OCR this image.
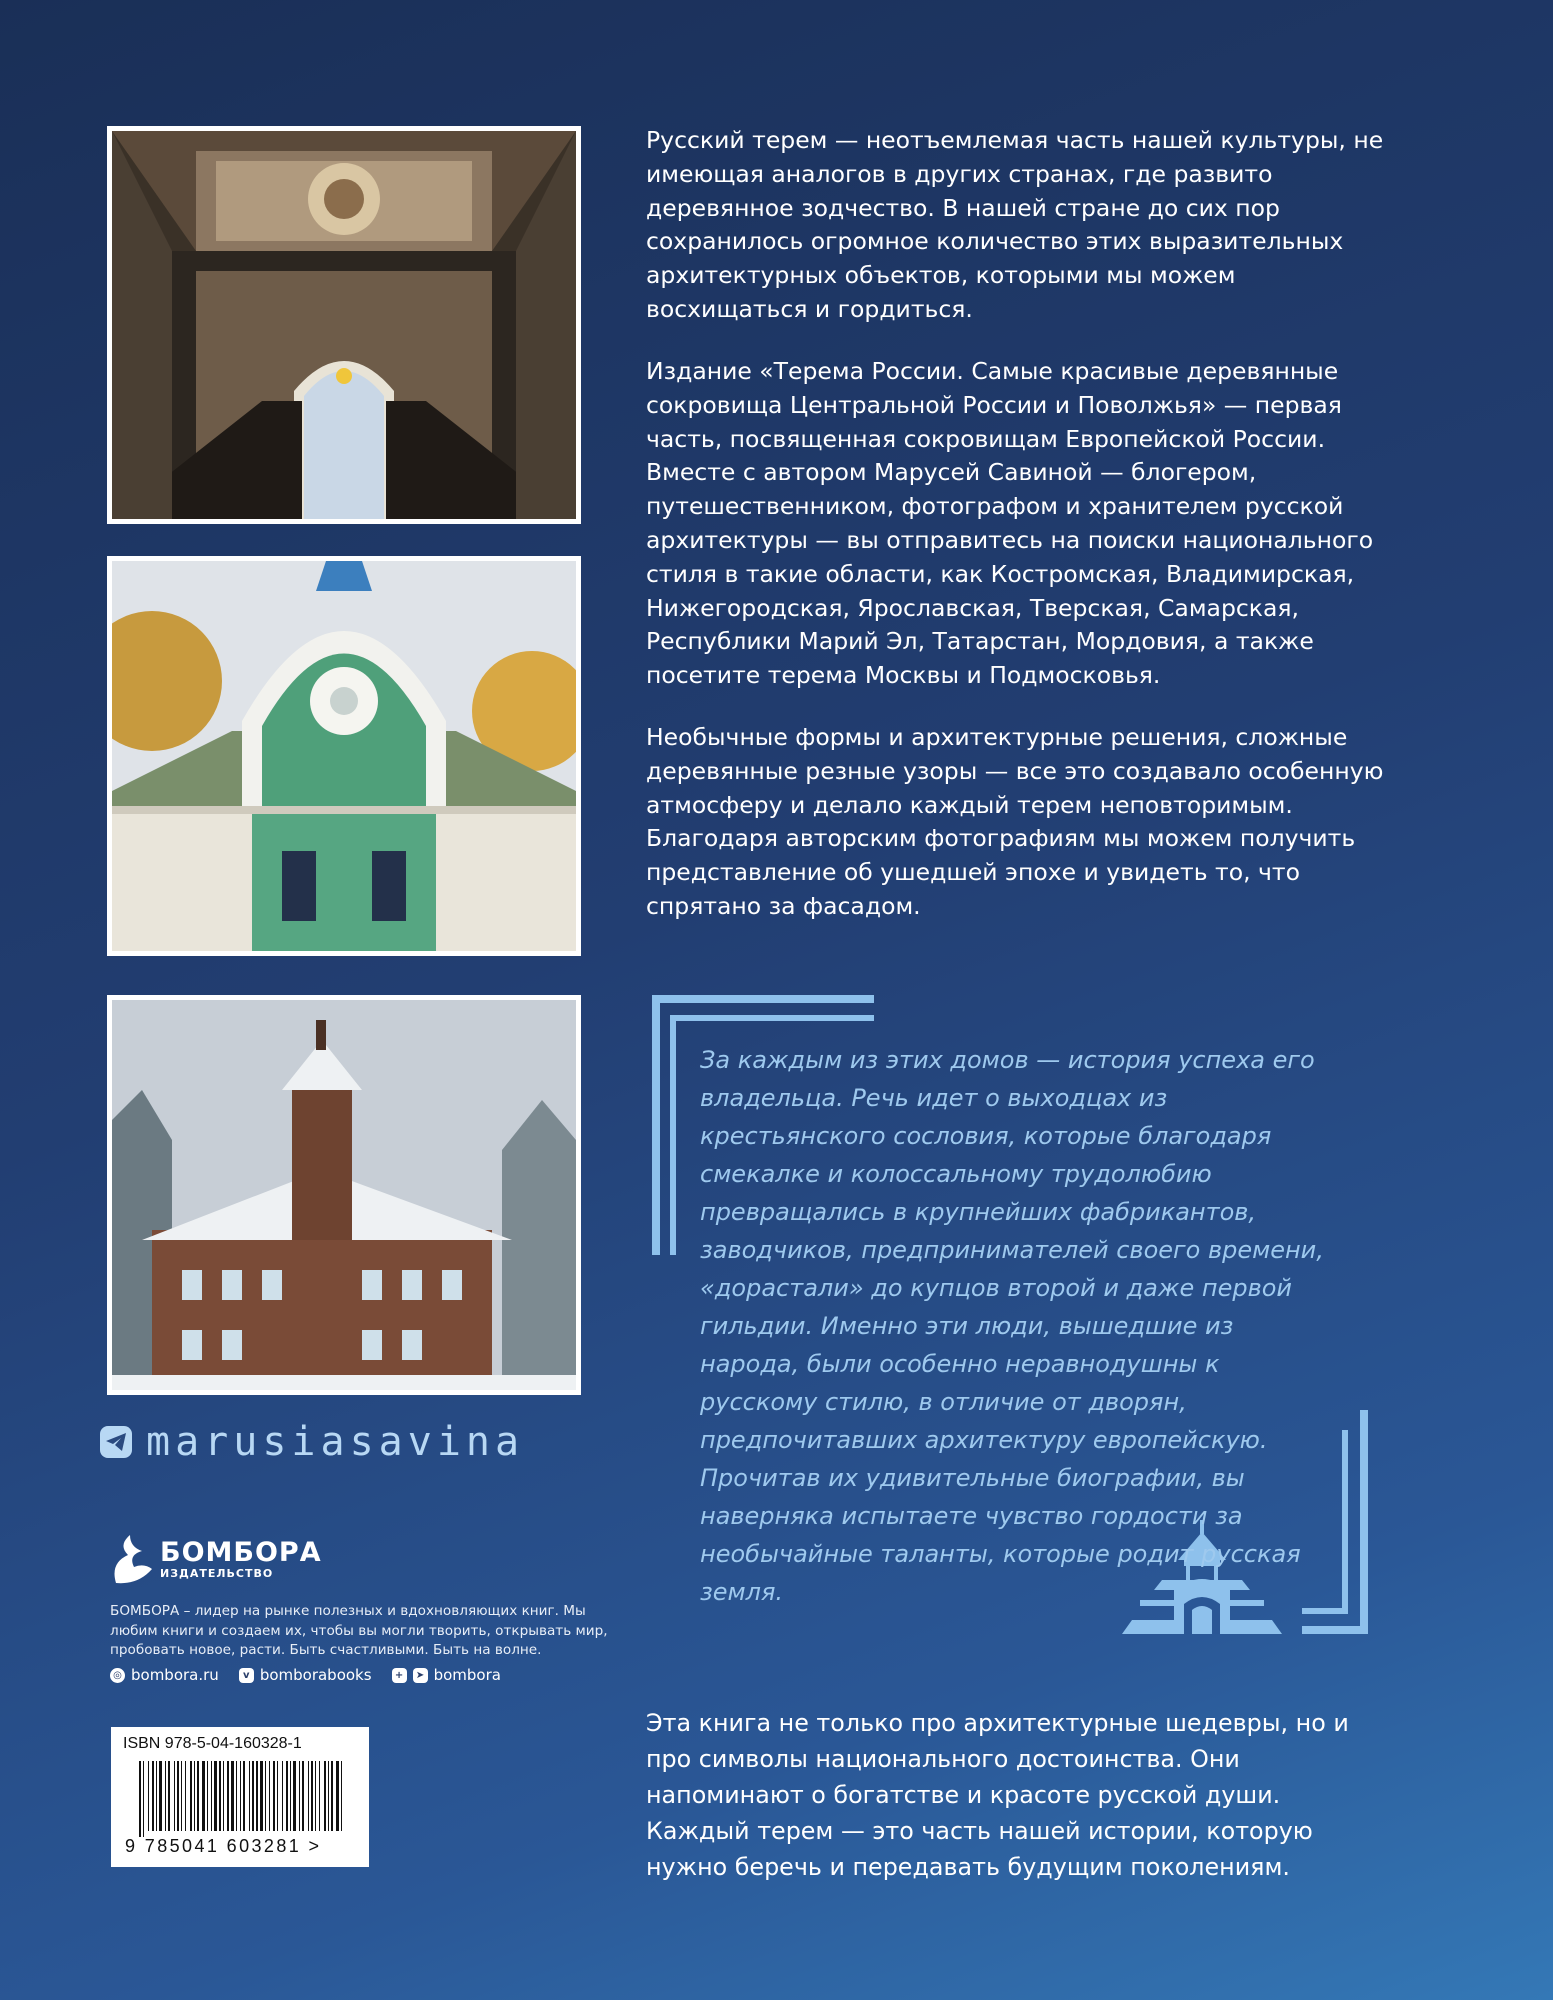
Русский терем — неотъемлемая часть нашей культуры, не имеющая аналогов в других странах, где развито деревянное зодчество. В нашей стране до сих пор сохранилось огромное количество этих выразительных архитектурных объектов, которыми мы можем восхищаться и гордиться.

Издание «Терема России. Самые красивые деревянные сокровища Центральной России и Поволжья» — первая часть, посвященная сокровищам Европейской России. Вместе с автором Марусей Савиной — блогером, путешественником, фотографом и хранителем русской архитектуры — вы отправитесь на поиски национального стиля в такие области, как Костромская, Владимирская, Нижегородская, Ярославская, Тверская, Самарская, Республики Марий Эл, Татарстан, Мордовия, а также посетите терема Москвы и Подмосковья.

Необычные формы и архитектурные решения, сложные деревянные резные узоры — все это создавало особенную атмосферу и делало каждый терем неповторимым. Благодаря авторским фотографиям мы можем получить представление об ушедшей эпохе и увидеть то, что спрятано за фасадом.

За каждым из этих домов — история успеха его владельца. Речь идет о выходцах из крестьянского сословия, которые благодаря смекалке и колоссальному трудолюбию превращались в крупнейших фабрикантов, заводчиков, предпринимателей своего времени, «дорастали» до купцов второй и даже первой гильдии. Именно эти люди, вышедшие из народа, были особенно неравнодушны к русскому стилю, в отличие от дворян, предпочитавших архитектуру европейскую. Прочитав их удивительные биографии, вы наверняка испытаете чувство гордости за необычайные таланты, которые родит русская земля.

Эта книга не только про архитектурные шедевры, но и про символы национального достоинства. Они напоминают о богатстве и красоте русской души. Каждый терем — это часть нашей истории, которую нужно беречь и передавать будущим поколениям.

marusiasavina
БОМБОРА
ИЗДАТЕЛЬСТВО

БОМБОРА – лидер на рынке полезных и вдохновляющих книг. Мы любим книги и создаем их, чтобы вы могли творить, открывать мир, пробовать новое, расти. Быть счастливыми. Быть на волне.

◎ bombora.ru	v bomborabooks	+	➤ bombora
ISBN 978-5-04-160328-1
9 785041 603281 >
